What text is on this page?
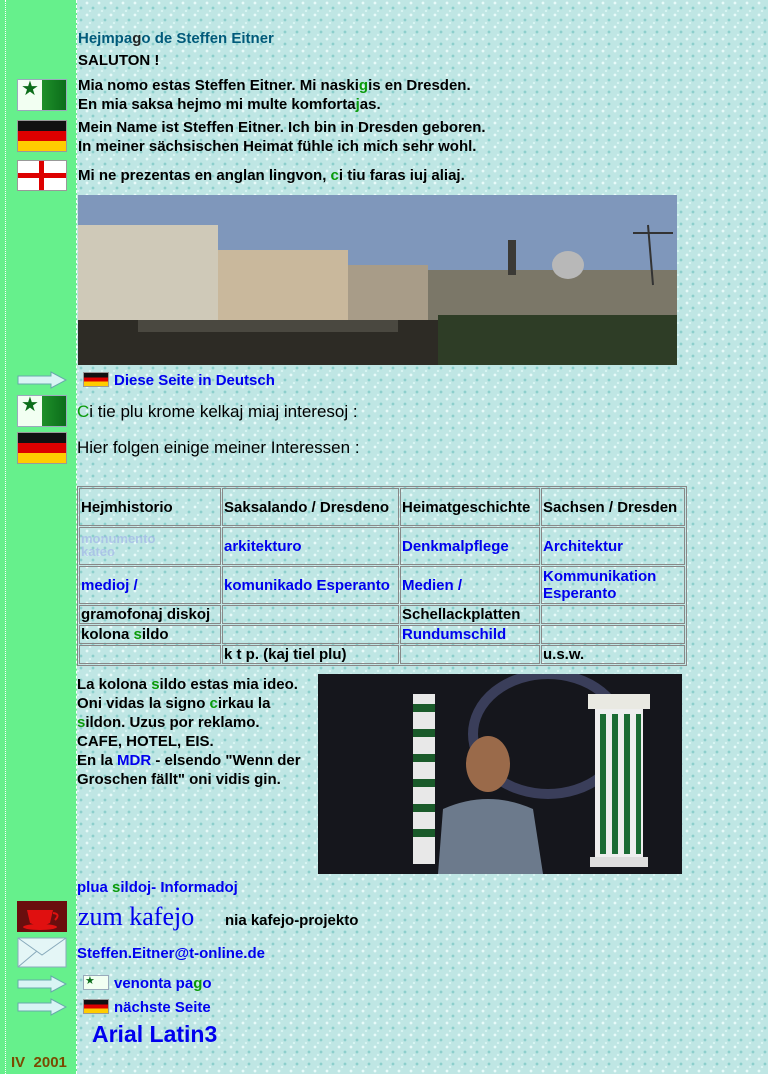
Hejmpago de Steffen Eitner
SALUTON !
★	Mia nomo estas Steffen Eitner. Mi naskigis en Dresden.
En mia saksa hejmo mi multe komfortajas.
Mein Name ist Steffen Eitner. Ich bin in Dresden geboren.
In meiner sächsischen Heimat fühle ich mich sehr wohl.
Mi ne prezentas en anglan lingvon, ci tiu faras iuj aliaj.
Diese Seite in Deutsch
★ Ci tie plu krome kelkaj miaj interesoj :
Hier folgen einige meiner Interessen :
Hejmhistorio	Saksalando / Dresdeno	Heimatgeschichte	Sachsen / Dresden
monumento kateo	arkitekturo	Denkmalpflege	Architektur
medioj /	komunikado Esperanto	Medien /	Kommunikation Esperanto
gramofonaj diskoj		Schellackplatten	
kolona sildo		Rundumschild	
	k t p. (kaj tiel plu)		u.s.w.
La kolona sildo estas mia ideo.
Oni vidas la signo cirkau la
sildon. Uzus por reklamo.
CAFE, HOTEL, EIS.
En la MDR - elsendo "Wenn der
Groschen fällt" oni vidis gin.
plua sildoj- Informadoj
zum kafejo nia kafejo-projekto
Steffen.Eitner@t-online.de
★ venonta pago
nächste Seite
Arial Latin3
IV  2001
